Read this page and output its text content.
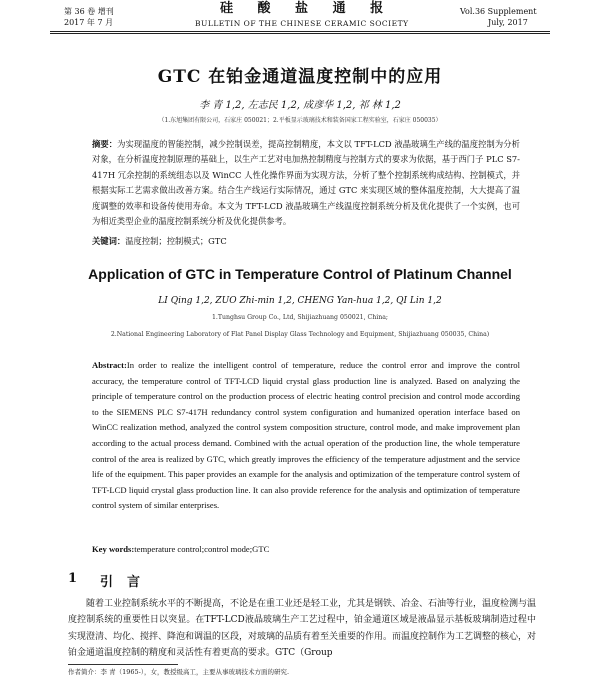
第 36 卷 增刊
2017 年 7 月
硅 酸 盐 通 报
BULLETIN OF THE CHINESE CERAMIC SOCIETY
Vol.36 Supplement
July, 2017
GTC 在铂金通道温度控制中的应用
李 青 1,2, 左志民 1,2, 成彦华 1,2, 祁 林 1,2
（1.东旭集团有限公司，石家庄 050021；2.平板显示玻璃技术和装备国家工程实验室，石家庄 050035）
摘要：为实现温度的智能控制，减少控制误差，提高控制精度，本文以 TFT-LCD 液晶玻璃生产线的温度控制为分析对象，在分析温度控制原理的基础上，以生产工艺对电加热控制精度与控制方式的要求为依据，基于西门子 PLC S7-417H 冗余控制的系统组态以及 WinCC 人性化操作界面为实现方法，分析了整个控制系统构成结构、控制模式，并根据实际工艺需求做出改善方案。结合生产线运行实际情况，通过 GTC 来实现区域的整体温度控制，大大提高了温度调整的效率和设备传使用寿命。本文为 TFT-LCD 液晶玻璃生产线温度控制系统分析及优化提供了一个实例，也可为相近类型企业的温度控制系统分析及优化提供参考。
关键词：温度控制；控制模式；GTC
Application of GTC in Temperature Control of Platinum Channel
LI Qing 1,2, ZUO Zhi-min 1,2, CHENG Yan-hua 1,2, QI Lin 1,2
1.Tunghsu Group Co., Ltd, Shijiazhuang 050021, China;
2.National Engineering Laboratory of Flat Panel Display Glass Technology and Equipment, Shijiazhuang 050035, China)
Abstract:In order to realize the intelligent control of temperature, reduce the control error and improve the control accuracy, the temperature control of TFT-LCD liquid crystal glass production line is analyzed. Based on analyzing the principle of temperature control on the production process of electric heating control precision and control mode according to the SIEMENS PLC S7-417H redundancy control system configuration and humanized operation interface based on WinCC realization method, analyzed the control system composition structure, control mode, and make improvement plan according to the actual process demand. Combined with the actual operation of the production line, the whole temperature control of the area is realized by GTC, which greatly improves the efficiency of the temperature adjustment and the service life of the equipment. This paper provides an example for the analysis and optimization of the temperature control system of TFT-LCD liquid crystal glass production line. It can also provide reference for the analysis and optimization of temperature control system of similar enterprises.
Key words:temperature control;control mode;GTC
1 引言
随着工业控制系统水平的不断提高，不论是在重工业还是轻工业，尤其是钢铁、冶金、石油等行业，温度检测与温度控制系统的重要性日以突显。在TFT-LCD液晶玻璃生产工艺过程中，铂金通道区域是液晶显示基板玻璃制造过程中实现澄清、均化、搅拌、降泡和调温的区段，对玻璃的品质有着至关重要的作用。而温度控制作为工艺调整的核心，对铂金通道温度控制的精度和灵活性有着更高的要求。GTC（Group
作者简介：李 青（1965-），女，教授级高工，主要从事玻璃技术方面的研究.
